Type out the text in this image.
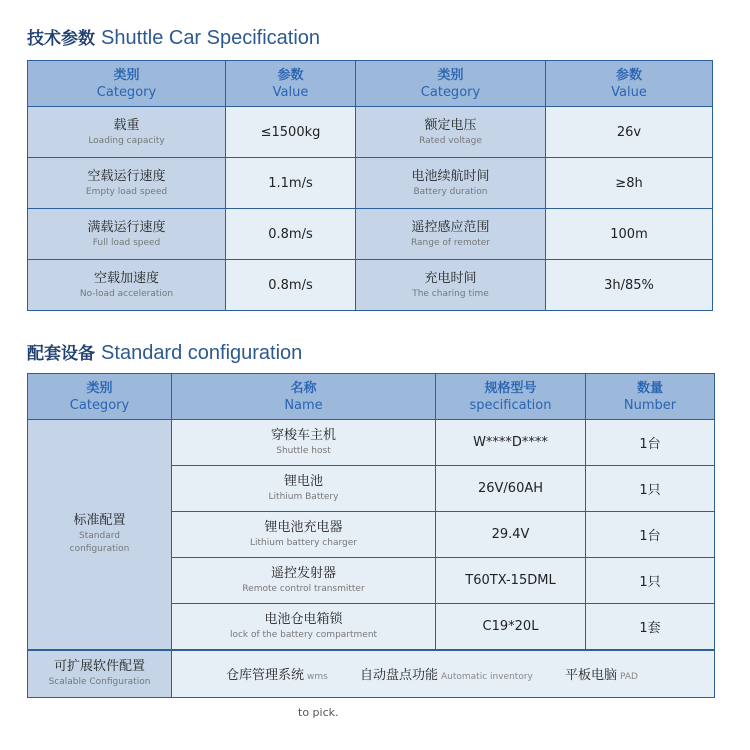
技术参数 Shuttle Car Specification
类别
Category	参数
Value	类别
Category	参数
Value

载重
Loading capacity	≤1500kg	额定电压
Rated voltage	26v

空载运行速度
Empty load speed	1.1m/s	电池续航时间
Battery duration	≥8h

满载运行速度
Full load speed	0.8m/s	遥控感应范围
Range of remoter	100m

空载加速度
No-load acceleration	0.8m/s	充电时间
The charing time	3h/85%
配套设备 Standard configuration
类别
Category	名称
Name	规格型号
specification	数量
Number

标准配置
Standard configuration	穿梭车主机
Shuttle host	W****D****	1台

	锂电池
Lithium Battery	26V/60AH	1只

	锂电池充电器
Lithium battery charger	29.4V	1台

	遥控发射器
Remote control transmitter	T60TX-15DML	1只

	电池仓电箱锁
lock of the battery compartment	C19*20L	1套

可扩展软件配置
Scalable Configuration	仓库管理系统 wms 自动盘点功能 Automatic inventory 平板电脑 PAD		
to pick.
